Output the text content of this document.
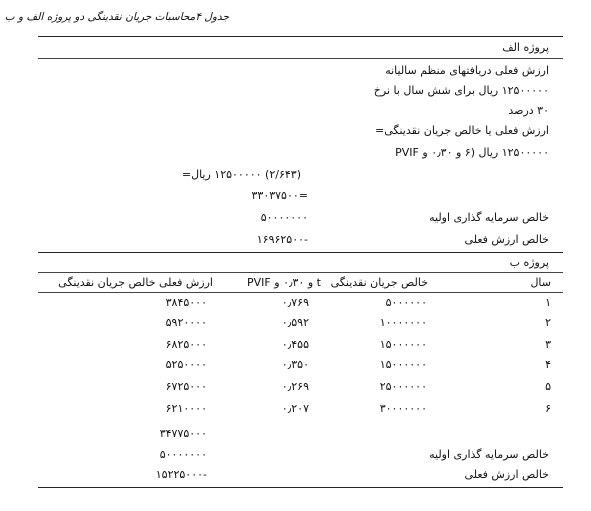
جدول ۴محاسبات جریان نقدینگی دو پروژه الف و ب
پروژه الف
ارزش فعلی دریافتهای منظم سالیانه
۱۲۵۰۰۰۰۰ ریال برای شش سال با نرخ
۳۰ درصد
ارزش فعلی یا خالص جریان نقدینگی=
۱۲۵۰۰۰۰۰ ریال (۶ و ۰٫۳۰ و PVIF
(۲/۶۴۳) ۱۲۵۰۰۰۰۰ ریال=
=۳۳۰۳۷۵۰۰
خالص سرمایه گذاری اولیه
۵۰۰۰۰۰۰۰
خالص ارزش فعلی
-۱۶۹۶۲۵۰۰
پروژه ب
سال
خالص جریان نقدینگی
t و ۰٫۳۰ و PVIF
ارزش فعلی خالص جریان نقدینگی
۱
۵۰۰۰۰۰۰
۰٫۷۶۹
۳۸۴۵۰۰۰
۲
۱۰۰۰۰۰۰۰
۰٫۵۹۲
۵۹۲۰۰۰۰
۳
۱۵۰۰۰۰۰۰
۰٫۴۵۵
۶۸۲۵۰۰۰
۴
۱۵۰۰۰۰۰۰
۰٫۳۵۰
۵۲۵۰۰۰۰
۵
۲۵۰۰۰۰۰۰
۰٫۲۶۹
۶۷۲۵۰۰۰
۶
۳۰۰۰۰۰۰۰
۰٫۲۰۷
۶۲۱۰۰۰۰
۳۴۷۷۵۰۰۰
خالص سرمایه گذاری اولیه
۵۰۰۰۰۰۰۰
خالص ارزش فعلی
-۱۵۲۲۵۰۰۰
